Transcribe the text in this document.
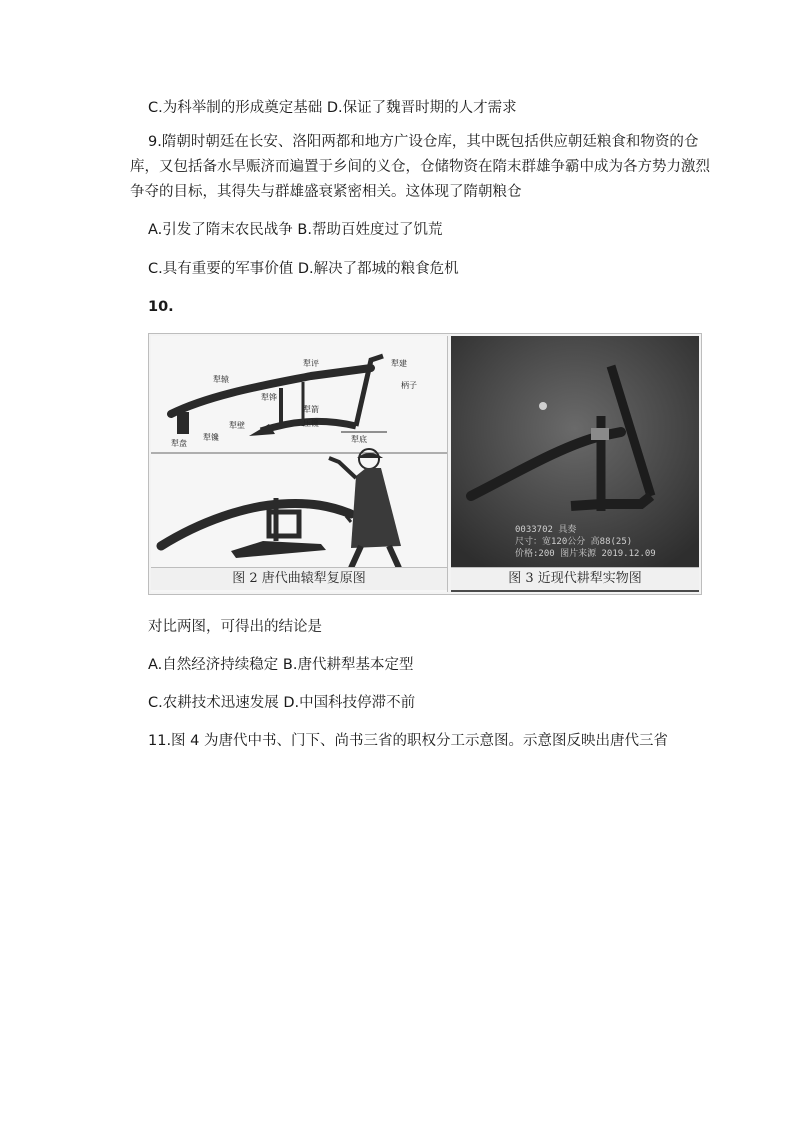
C.为科举制的形成奠定基础 D.保证了魏晋时期的人才需求
9.隋朝时朝廷在长安、洛阳两都和地方广设仓库，其中既包括供应朝廷粮食和物资的仓
库，又包括备水旱赈济而遍置于乡间的义仓，仓储物资在隋末群雄争霸中成为各方势力激烈
争夺的目标，其得失与群雄盛衰紧密相关。这体现了隋朝粮仓
A.引发了隋末农民战争 B.帮助百姓度过了饥荒
C.具有重要的军事价值 D.解决了都城的粮食危机
10.
犁评	犁建
柄子
犁辕
犁箭
犁壁	压镵
犁盘
犁镵	犁底
犁铧
图 2 唐代曲辕犁复原图
0033702 具奏
尺寸：宽120公分 高88(25)
价格:200 图片来源 2019.12.09
图 3 近现代耕犁实物图
对比两图，可得出的结论是
A.自然经济持续稳定 B.唐代耕犁基本定型
C.农耕技术迅速发展 D.中国科技停滞不前
11.图 4 为唐代中书、门下、尚书三省的职权分工示意图。示意图反映出唐代三省
